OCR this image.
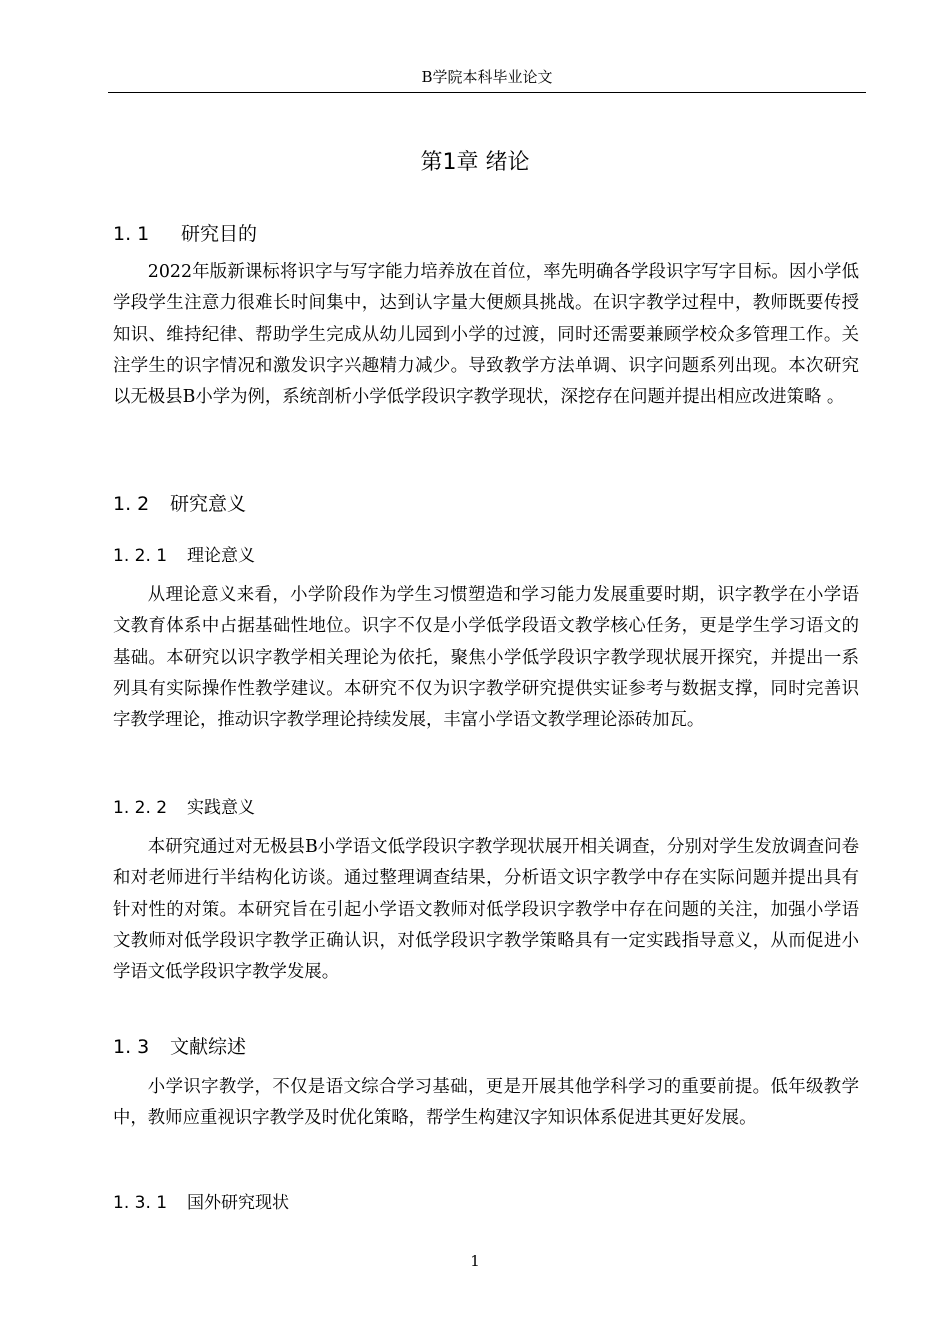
B学院本科毕业论文
第1章 绪论
1. 1 研究目的

2022年版新课标将识字与写字能力培养放在首位，率先明确各学段识字写字目标。因小学低学段学生注意力很难长时间集中，达到认字量大便颇具挑战。在识字教学过程中，教师既要传授知识、维持纪律、帮助学生完成从幼儿园到小学的过渡，同时还需要兼顾学校众多管理工作。关注学生的识字情况和激发识字兴趣精力减少。导致教学方法单调、识字问题系列出现。本次研究以无极县B小学为例，系统剖析小学低学段识字教学现状，深挖存在问题并提出相应改进策略 。

1. 2 研究意义
1. 2. 1 理论意义

从理论意义来看，小学阶段作为学生习惯塑造和学习能力发展重要时期，识字教学在小学语文教育体系中占据基础性地位。识字不仅是小学低学段语文教学核心任务，更是学生学习语文的基础。本研究以识字教学相关理论为依托，聚焦小学低学段识字教学现状展开探究，并提出一系列具有实际操作性教学建议。本研究不仅为识字教学研究提供实证参考与数据支撑，同时完善识字教学理论，推动识字教学理论持续发展，丰富小学语文教学理论添砖加瓦。

1. 2. 2 实践意义

本研究通过对无极县B小学语文低学段识字教学现状展开相关调查，分别对学生发放调查问卷和对老师进行半结构化访谈。通过整理调查结果，分析语文识字教学中存在实际问题并提出具有针对性的对策。本研究旨在引起小学语文教师对低学段识字教学中存在问题的关注，加强小学语文教师对低学段识字教学正确认识，对低学段识字教学策略具有一定实践指导意义，从而促进小学语文低学段识字教学发展。

1. 3 文献综述

小学识字教学，不仅是语文综合学习基础，更是开展其他学科学习的重要前提。低年级教学中，教师应重视识字教学及时优化策略，帮学生构建汉字知识体系促进其更好发展。

1. 3. 1 国外研究现状
1
